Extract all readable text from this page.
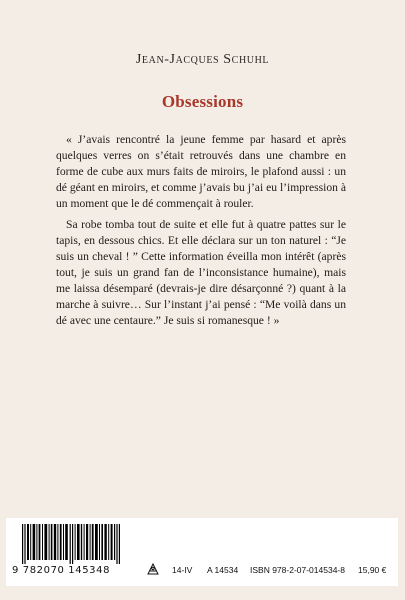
Jean-Jacques Schuhl
Obsessions

« J’avais rencontré la jeune femme par hasard et après quelques verres on s’était retrouvés dans une chambre en forme de cube aux murs faits de miroirs, le plafond aussi : un dé géant en miroirs, et comme j’avais bu j’ai eu l’impression à un moment que le dé commençait à rouler.

Sa robe tomba tout de suite et elle fut à quatre pattes sur le tapis, en dessous chics. Et elle déclara sur un ton naturel : “Je suis un cheval ! ” Cette information éveilla mon intérêt (après tout, je suis un grand fan de l’inconsistance humaine), mais me laissa désemparé (devrais-je dire désarçonné ?) quant à la marche à suivre… Sur l’instant j’ai pensé : “Me voilà dans un dé avec une centaure.” Je suis si romanesque ! »

9 782070 145348	14-IV A 14534 ISBN 978-2-07-014534-8 15,90 €
